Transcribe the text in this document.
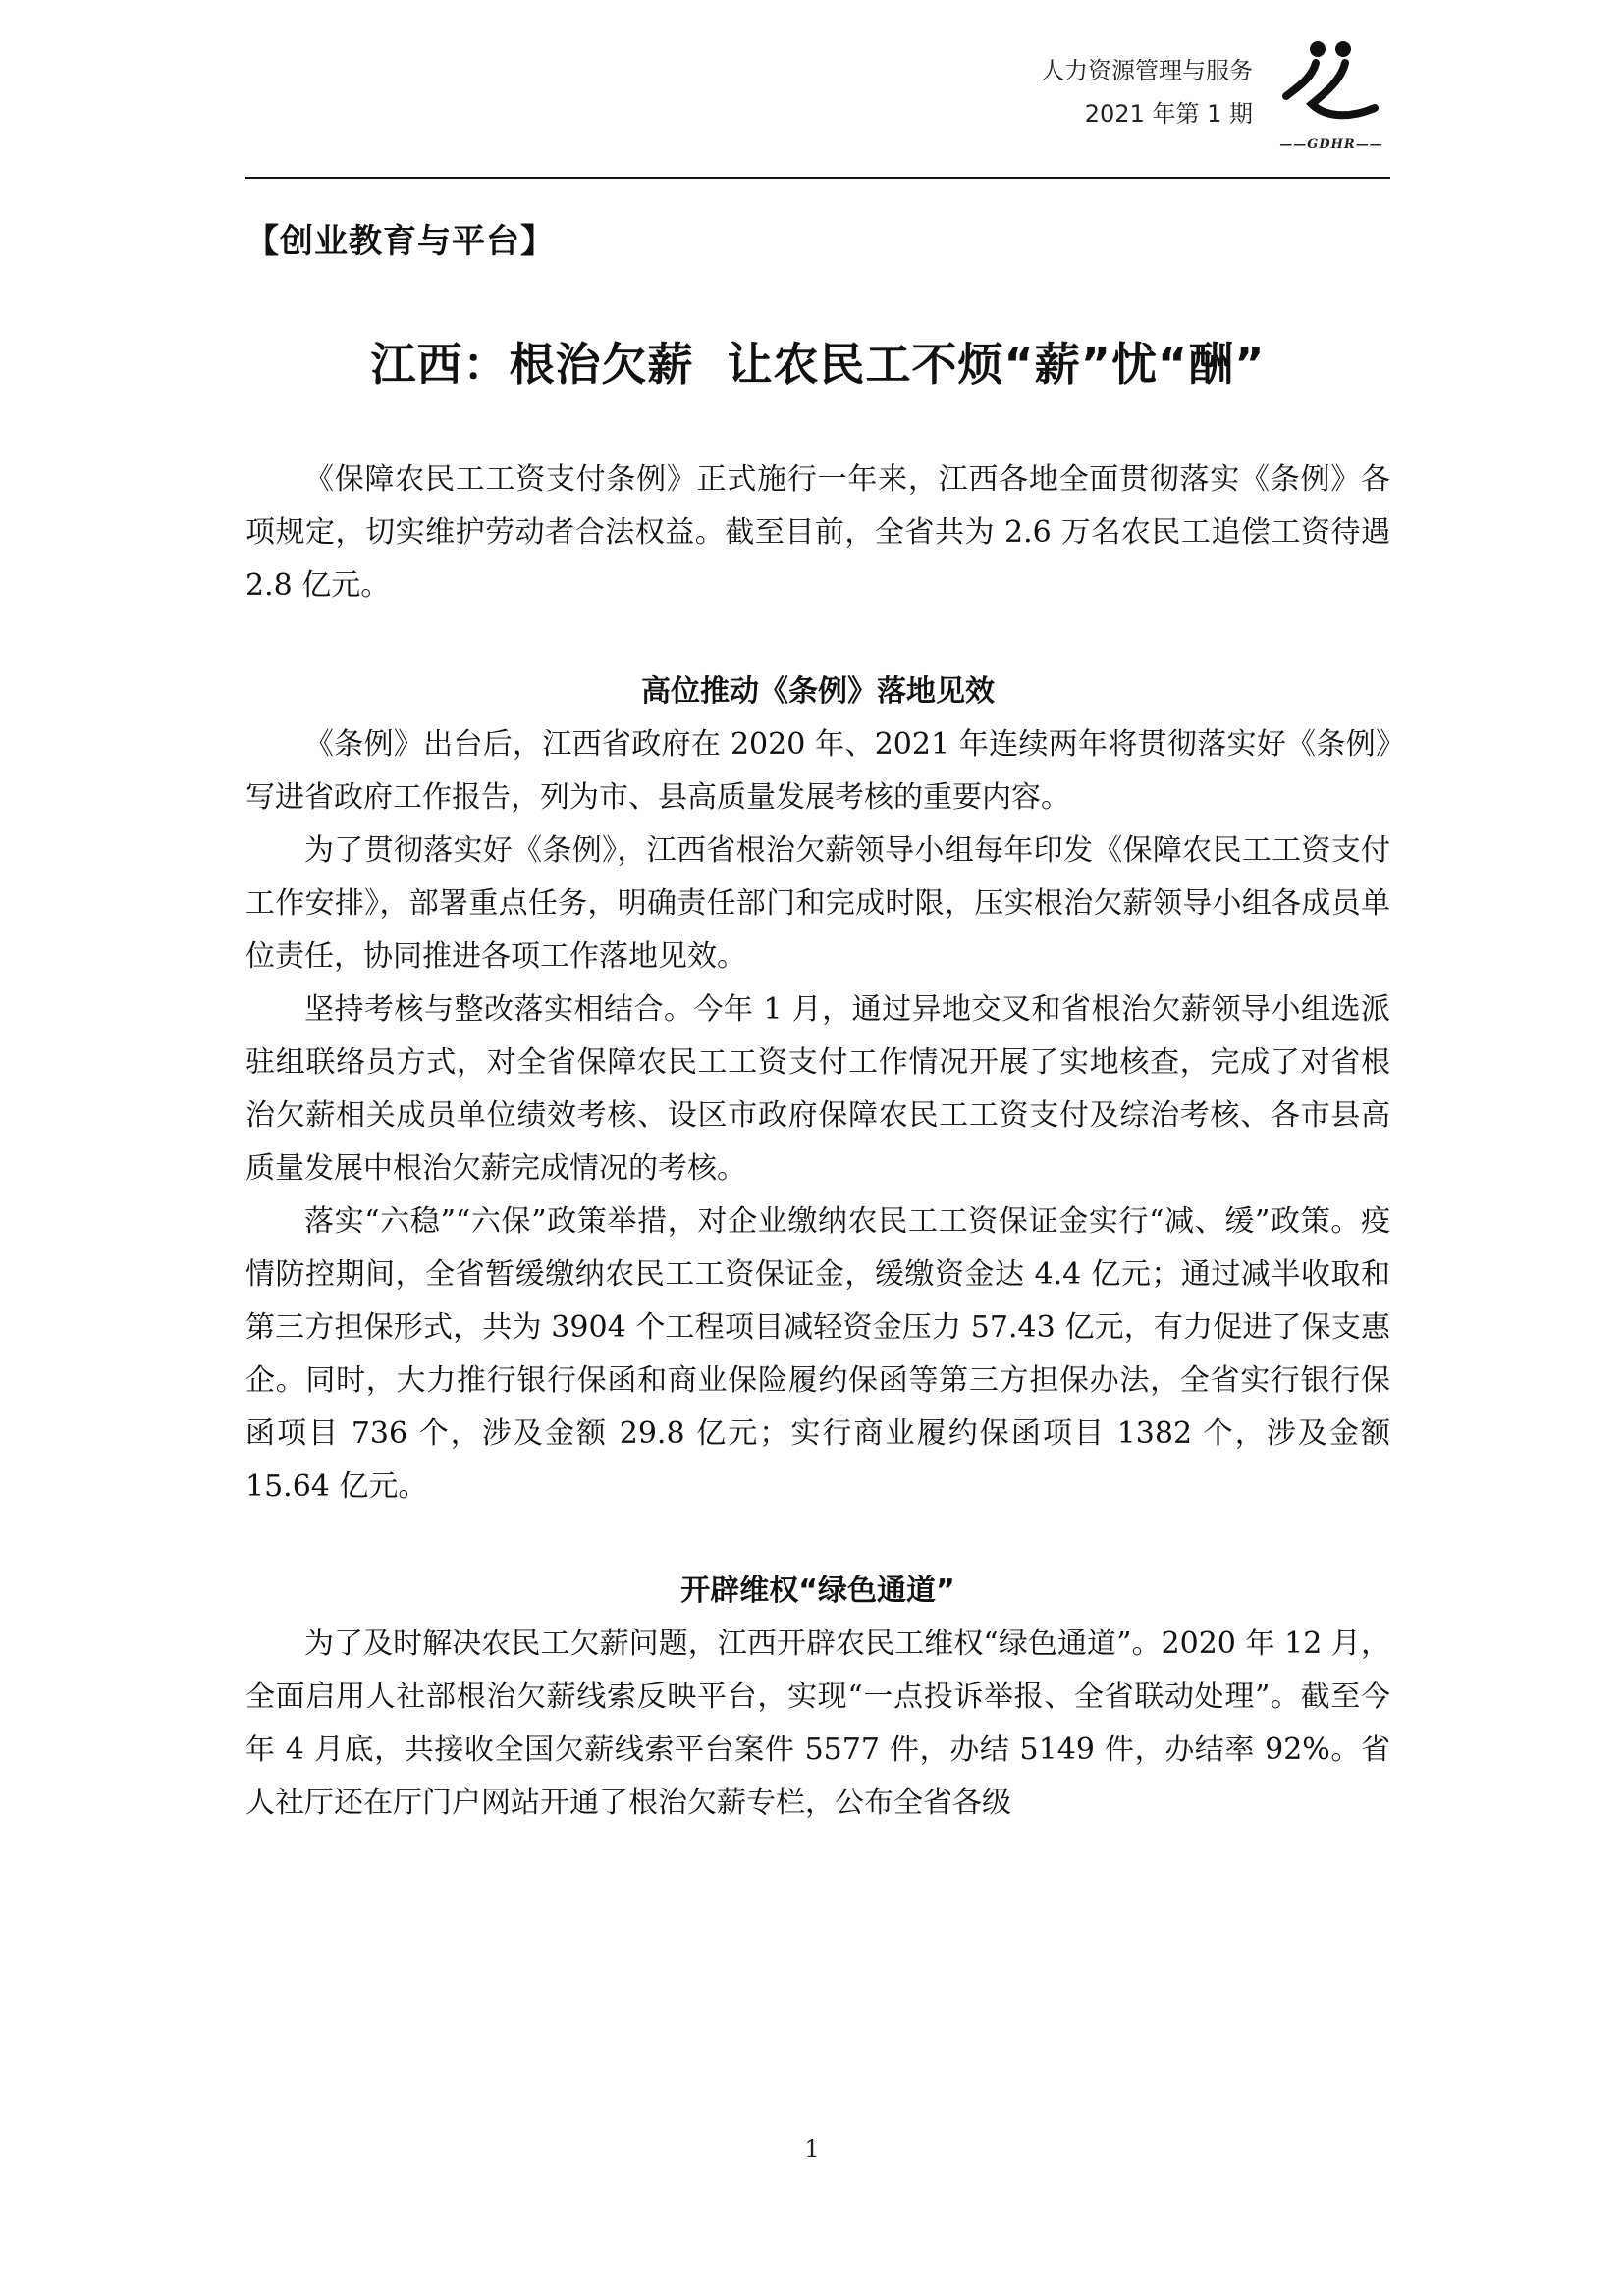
人力资源管理与服务
2021 年第 1 期
——GDHR——
【创业教育与平台】
江西：根治欠薪  让农民工不烦“薪”忧“酬”

《保障农民工工资支付条例》正式施行一年来，江西各地全面贯彻落实《条例》各项规定，切实维护劳动者合法权益。截至目前，全省共为 2.6 万名农民工追偿工资待遇 2.8 亿元。

高位推动《条例》落地见效

《条例》出台后，江西省政府在 2020 年、2021 年连续两年将贯彻落实好《条例》写进省政府工作报告，列为市、县高质量发展考核的重要内容。

为了贯彻落实好《条例》，江西省根治欠薪领导小组每年印发《保障农民工工资支付工作安排》，部署重点任务，明确责任部门和完成时限，压实根治欠薪领导小组各成员单位责任，协同推进各项工作落地见效。

坚持考核与整改落实相结合。今年 1 月，通过异地交叉和省根治欠薪领导小组选派驻组联络员方式，对全省保障农民工工资支付工作情况开展了实地核查，完成了对省根治欠薪相关成员单位绩效考核、设区市政府保障农民工工资支付及综治考核、各市县高质量发展中根治欠薪完成情况的考核。

落实“六稳”“六保”政策举措，对企业缴纳农民工工资保证金实行“减、缓”政策。疫情防控期间，全省暂缓缴纳农民工工资保证金，缓缴资金达 4.4 亿元；通过减半收取和第三方担保形式，共为 3904 个工程项目减轻资金压力 57.43 亿元，有力促进了保支惠企。同时，大力推行银行保函和商业保险履约保函等第三方担保办法，全省实行银行保函项目 736 个，涉及金额 29.8 亿元；实行商业履约保函项目 1382 个，涉及金额 15.64 亿元。

开辟维权“绿色通道”

为了及时解决农民工欠薪问题，江西开辟农民工维权“绿色通道”。2020 年 12 月，全面启用人社部根治欠薪线索反映平台，实现“一点投诉举报、全省联动处理”。截至今年 4 月底，共接收全国欠薪线索平台案件 5577 件，办结 5149 件，办结率 92%。省人社厅还在厅门户网站开通了根治欠薪专栏，公布全省各级

1
